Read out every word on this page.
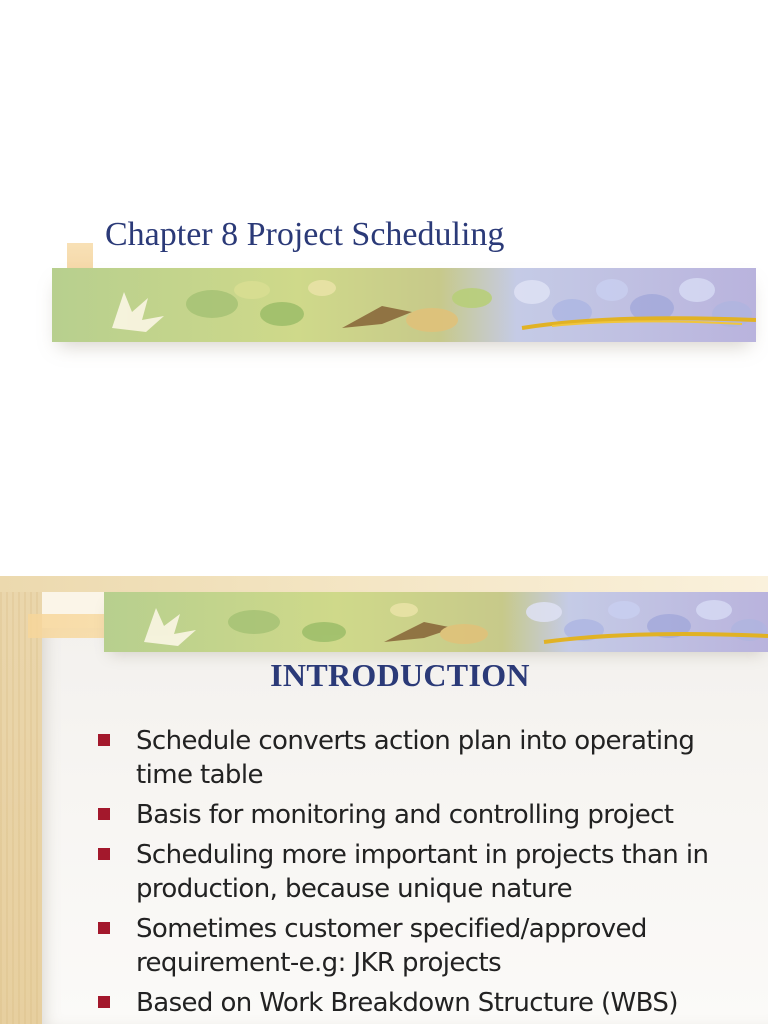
Chapter 8 Project Scheduling
INTRODUCTION
Schedule converts action plan into operating time table
Basis for monitoring and controlling project
Scheduling more important in projects than in production, because unique nature
Sometimes customer specified/approved requirement-e.g: JKR projects
Based on Work Breakdown Structure (WBS)
